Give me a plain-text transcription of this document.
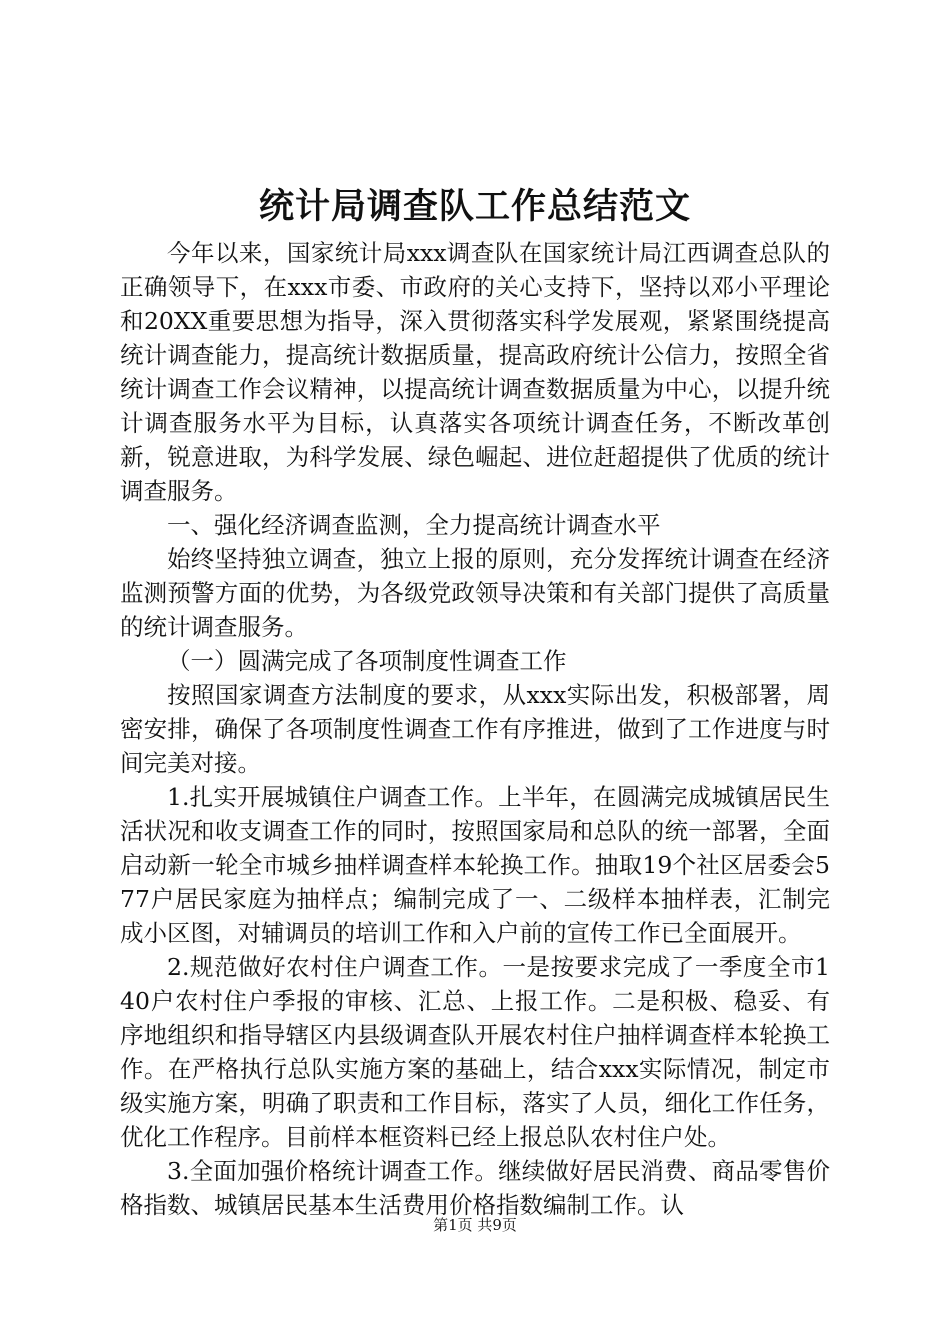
统计局调查队工作总结范文

今年以来，国家统计局xxx调查队在国家统计局江西调查总队的正确领导下，在xxx市委、市政府的关心支持下，坚持以邓小平理论和20XX重要思想为指导，深入贯彻落实科学发展观，紧紧围绕提高统计调查能力，提高统计数据质量，提高政府统计公信力，按照全省统计调查工作会议精神，以提高统计调查数据质量为中心，以提升统计调查服务水平为目标，认真落实各项统计调查任务，不断改革创新，锐意进取，为科学发展、绿色崛起、进位赶超提供了优质的统计调查服务。

一、强化经济调查监测，全力提高统计调查水平

始终坚持独立调查，独立上报的原则，充分发挥统计调查在经济监测预警方面的优势，为各级党政领导决策和有关部门提供了高质量的统计调查服务。

（一）圆满完成了各项制度性调查工作

按照国家调查方法制度的要求，从xxx实际出发，积极部署，周密安排，确保了各项制度性调查工作有序推进，做到了工作进度与时间完美对接。

1.扎实开展城镇住户调查工作。上半年，在圆满完成城镇居民生活状况和收支调查工作的同时，按照国家局和总队的统一部署，全面启动新一轮全市城乡抽样调查样本轮换工作。抽取19个社区居委会577户居民家庭为抽样点；编制完成了一、二级样本抽样表，汇制完成小区图，对辅调员的培训工作和入户前的宣传工作已全面展开。

2.规范做好农村住户调查工作。一是按要求完成了一季度全市140户农村住户季报的审核、汇总、上报工作。二是积极、稳妥、有序地组织和指导辖区内县级调查队开展农村住户抽样调查样本轮换工作。在严格执行总队实施方案的基础上，结合xxx实际情况，制定市级实施方案，明确了职责和工作目标，落实了人员，细化工作任务，优化工作程序。目前样本框资料已经上报总队农村住户处。

3.全面加强价格统计调查工作。继续做好居民消费、商品零售价格指数、城镇居民基本生活费用价格指数编制工作。认

第1页 共9页
